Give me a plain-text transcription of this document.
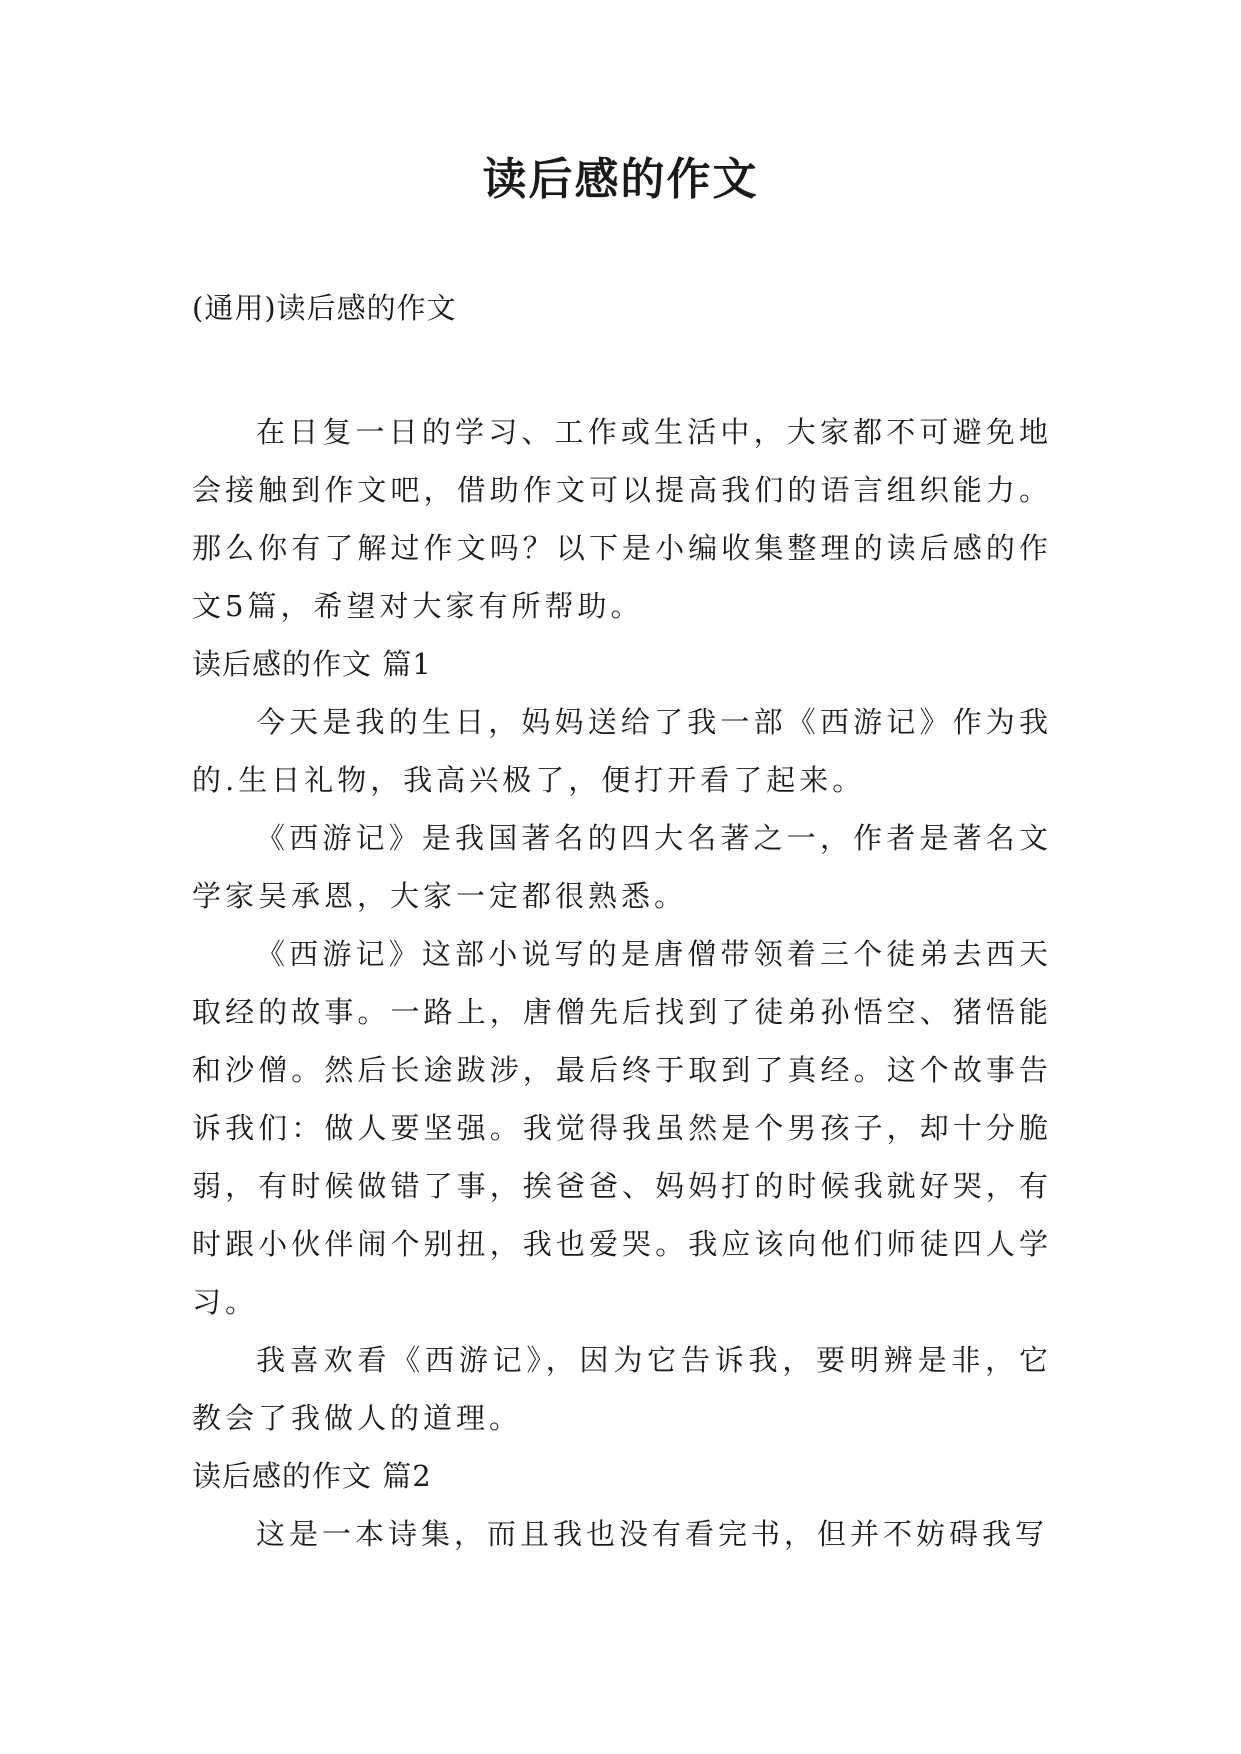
读后感的作文

(通用)读后感的作文

在日复一日的学习、工作或生活中，大家都不可避免地会接触到作文吧，借助作文可以提高我们的语言组织能力。那么你有了解过作文吗？以下是小编收集整理的读后感的作文5篇，希望对大家有所帮助。

读后感的作文 篇1

今天是我的生日，妈妈送给了我一部《西游记》作为我的.生日礼物，我高兴极了，便打开看了起来。

《西游记》是我国著名的四大名著之一，作者是著名文学家吴承恩，大家一定都很熟悉。

《西游记》这部小说写的是唐僧带领着三个徒弟去西天取经的故事。一路上，唐僧先后找到了徒弟孙悟空、猪悟能和沙僧。然后长途跋涉，最后终于取到了真经。这个故事告诉我们：做人要坚强。我觉得我虽然是个男孩子，却十分脆弱，有时候做错了事，挨爸爸、妈妈打的时候我就好哭，有时跟小伙伴闹个别扭，我也爱哭。我应该向他们师徒四人学习。

我喜欢看《西游记》，因为它告诉我，要明辨是非，它教会了我做人的道理。

读后感的作文 篇2

这是一本诗集，而且我也没有看完书，但并不妨碍我写
